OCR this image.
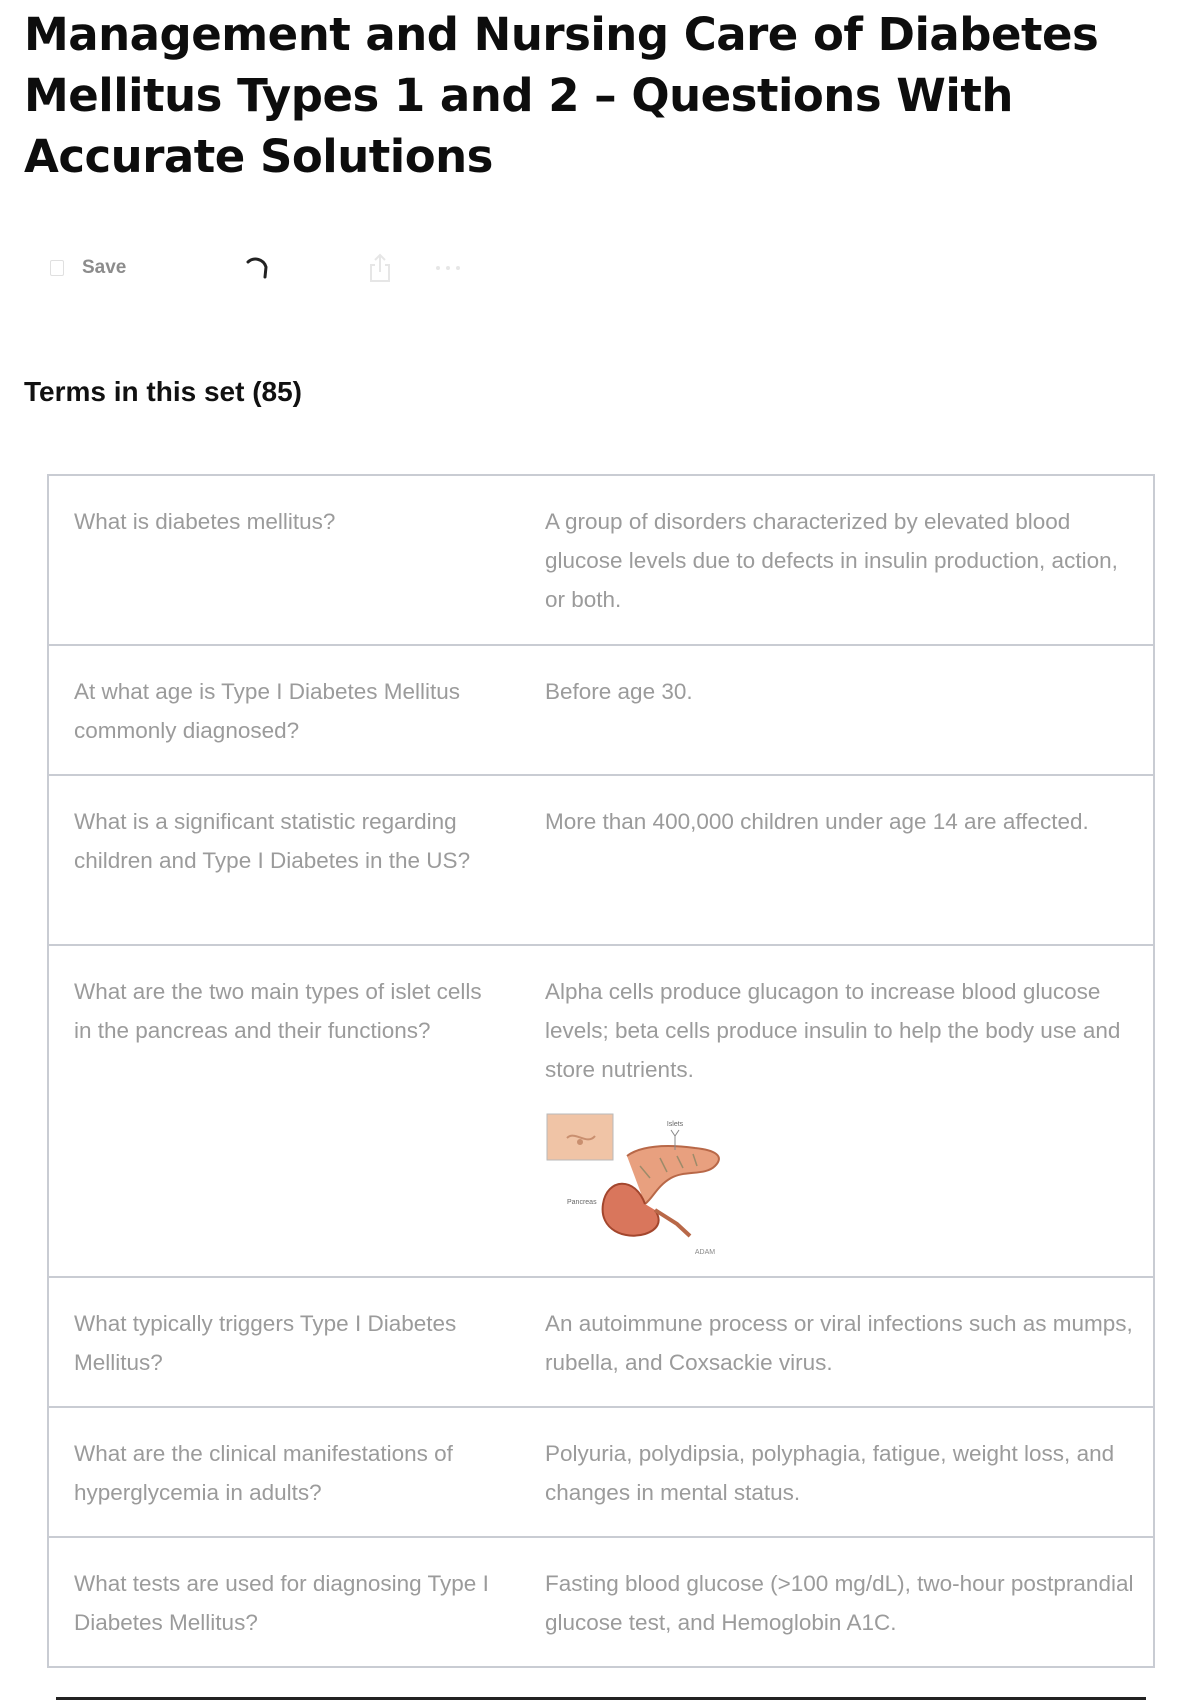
Management and Nursing Care of Diabetes Mellitus Types 1 and 2 – Questions With Accurate Solutions
Save
Terms in this set (85)
What is diabetes mellitus?	A group of disorders characterized by elevated blood glucose levels due to defects in insulin production, action, or both.
At what age is Type I Diabetes Mellitus commonly diagnosed?
Before age 30.
What is a significant statistic regarding children and Type I Diabetes in the US?
More than 400,000 children under age 14 are affected.
What are the two main types of islet cells in the pancreas and their functions?
Alpha cells produce glucagon to increase blood glucose levels; beta cells produce insulin to help the body use and store nutrients.
Islets
Pancreas
ADAM
What typically triggers Type I Diabetes Mellitus?
An autoimmune process or viral infections such as mumps, rubella, and Coxsackie virus.
What are the clinical manifestations of hyperglycemia in adults?
Polyuria, polydipsia, polyphagia, fatigue, weight loss, and changes in mental status.
What tests are used for diagnosing Type I Diabetes Mellitus?
Fasting blood glucose (>100 mg/dL), two-hour postprandial glucose test, and Hemoglobin A1C.
